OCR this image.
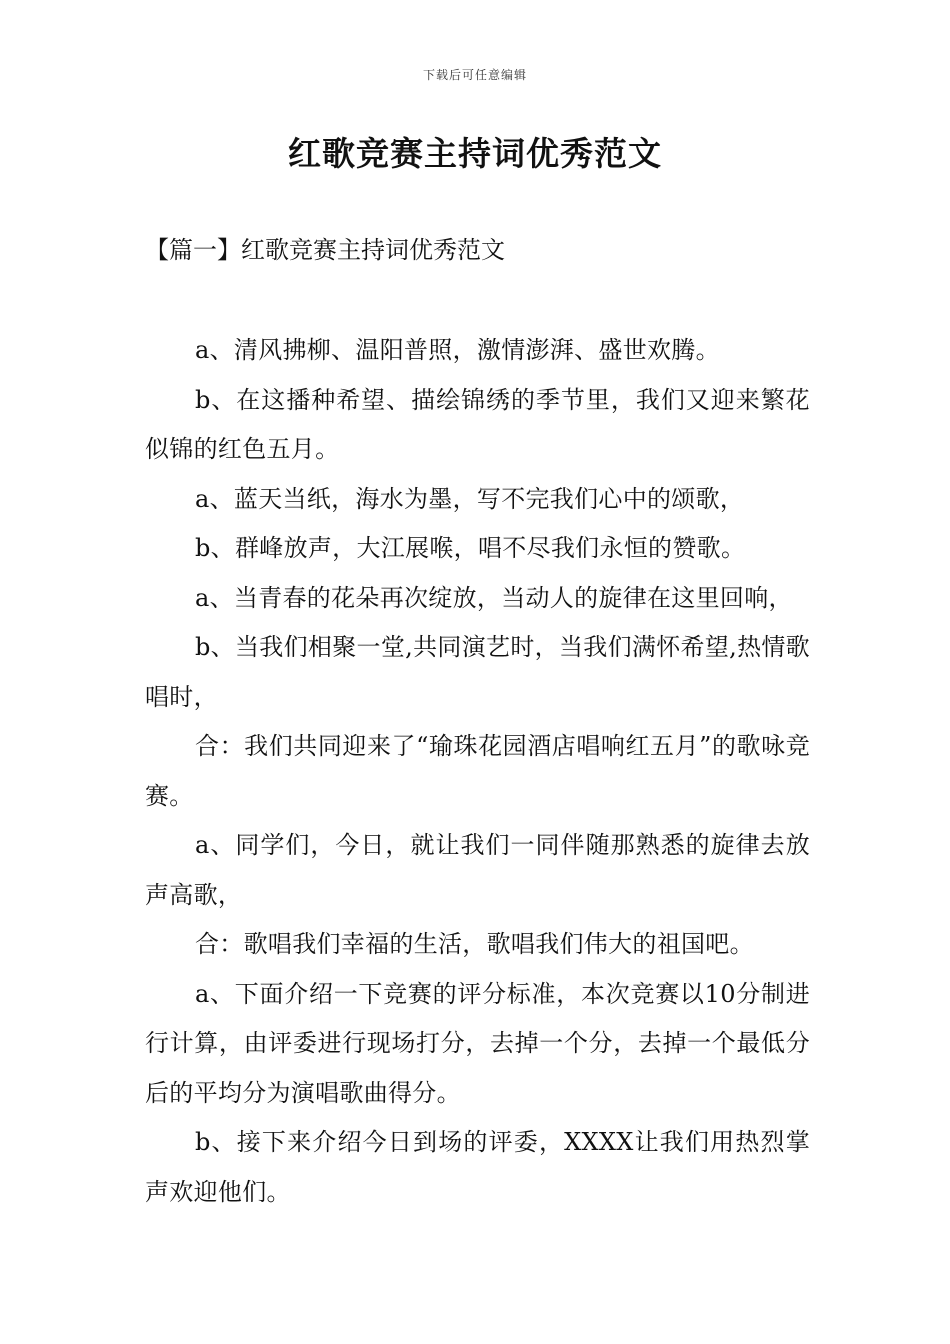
下载后可任意编辑
红歌竞赛主持词优秀范文
【篇一】红歌竞赛主持词优秀范文

a、清风拂柳、温阳普照，激情澎湃、盛世欢腾。

b、在这播种希望、描绘锦绣的季节里，我们又迎来繁花似锦的红色五月。

a、蓝天当纸，海水为墨，写不完我们心中的颂歌，

b、群峰放声，大江展喉，唱不尽我们永恒的赞歌。

a、当青春的花朵再次绽放，当动人的旋律在这里回响，

b、当我们相聚一堂,共同演艺时，当我们满怀希望,热情歌唱时，

合：我们共同迎来了“瑜珠花园酒店唱响红五月”的歌咏竞赛。

a、同学们，今日，就让我们一同伴随那熟悉的旋律去放声高歌，

合：歌唱我们幸福的生活，歌唱我们伟大的祖国吧。

a、下面介绍一下竞赛的评分标准，本次竞赛以10分制进行计算，由评委进行现场打分，去掉一个分，去掉一个最低分后的平均分为演唱歌曲得分。

b、接下来介绍今日到场的评委，XXXX让我们用热烈掌声欢迎他们。
